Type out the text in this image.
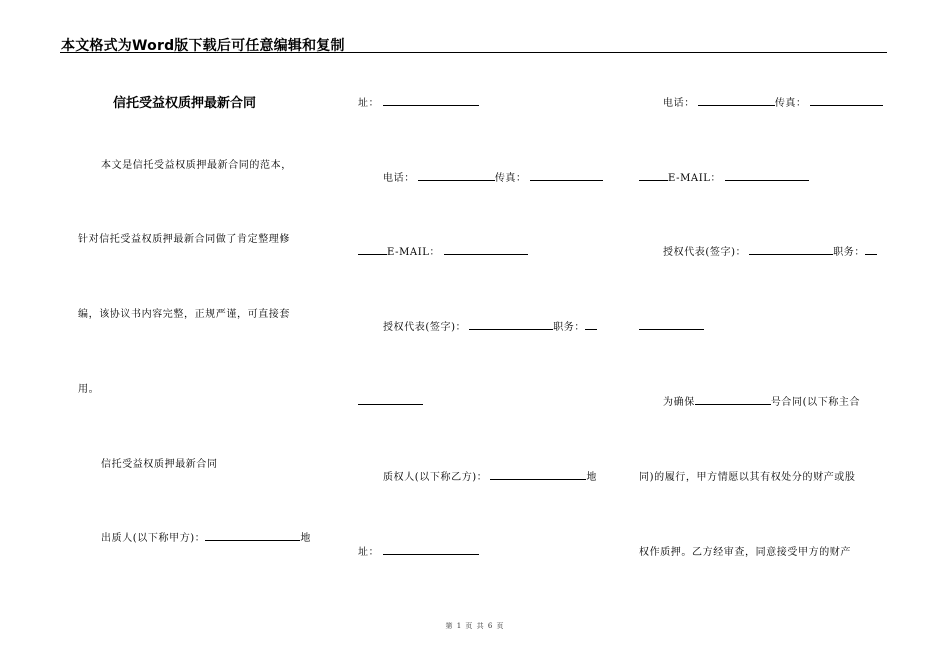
本文格式为Word版下载后可任意编辑和复制
信托受益权质押最新合同
本文是信托受益权质押最新合同的范本，
针对信托受益权质押最新合同做了肯定整理修
编，该协议书内容完整，正规严谨，可直接套
用。
信托受益权质押最新合同
出质人(以下称甲方)：	地
址：
电话：	传真：
E-MAIL：
授权代表(签字)：	职务：
质权人(以下称乙方)：	地
址：
电话：	传真：
E-MAIL：
授权代表(签字)：	职务：
为确保	号合同(以下称主合
同)的履行，甲方情愿以其有权处分的财产或股
权作质押。乙方经审查，同意接受甲方的财产
第 1 页 共 6 页
